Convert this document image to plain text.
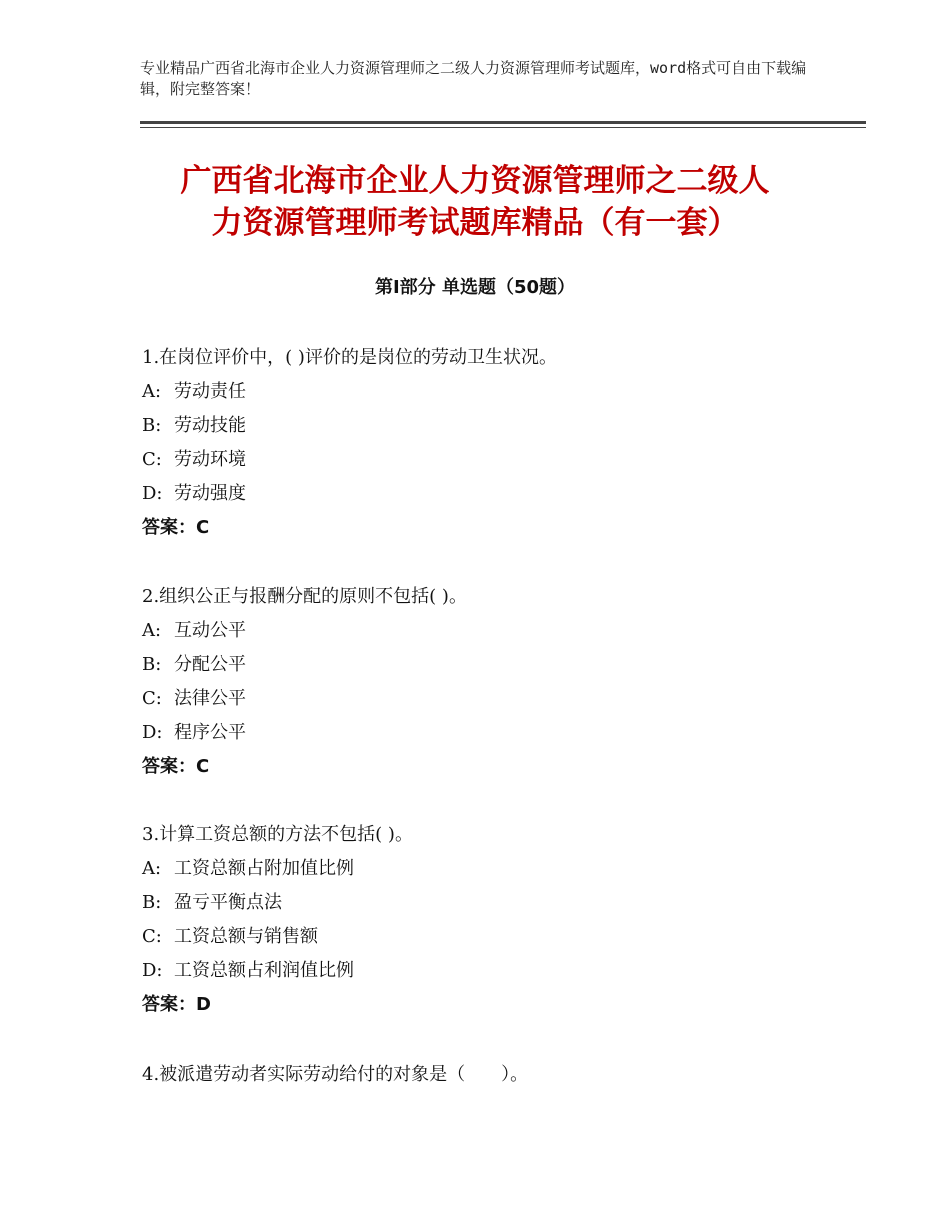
专业精品广西省北海市企业人力资源管理师之二级人力资源管理师考试题库，word格式可自由下载编辑，附完整答案！
广西省北海市企业人力资源管理师之二级人
力资源管理师考试题库精品（有一套）
第Ⅰ部分 单选题（50题）
1.在岗位评价中，( )评价的是岗位的劳动卫生状况。
A: 劳动责任
B: 劳动技能
C: 劳动环境
D: 劳动强度
答案：C
2.组织公正与报酬分配的原则不包括( )。
A: 互动公平
B: 分配公平
C: 法律公平
D: 程序公平
答案：C
3.计算工资总额的方法不包括( )。
A: 工资总额占附加值比例
B: 盈亏平衡点法
C: 工资总额与销售额
D: 工资总额占利润值比例
答案：D
4.被派遣劳动者实际劳动给付的对象是（　　）。
